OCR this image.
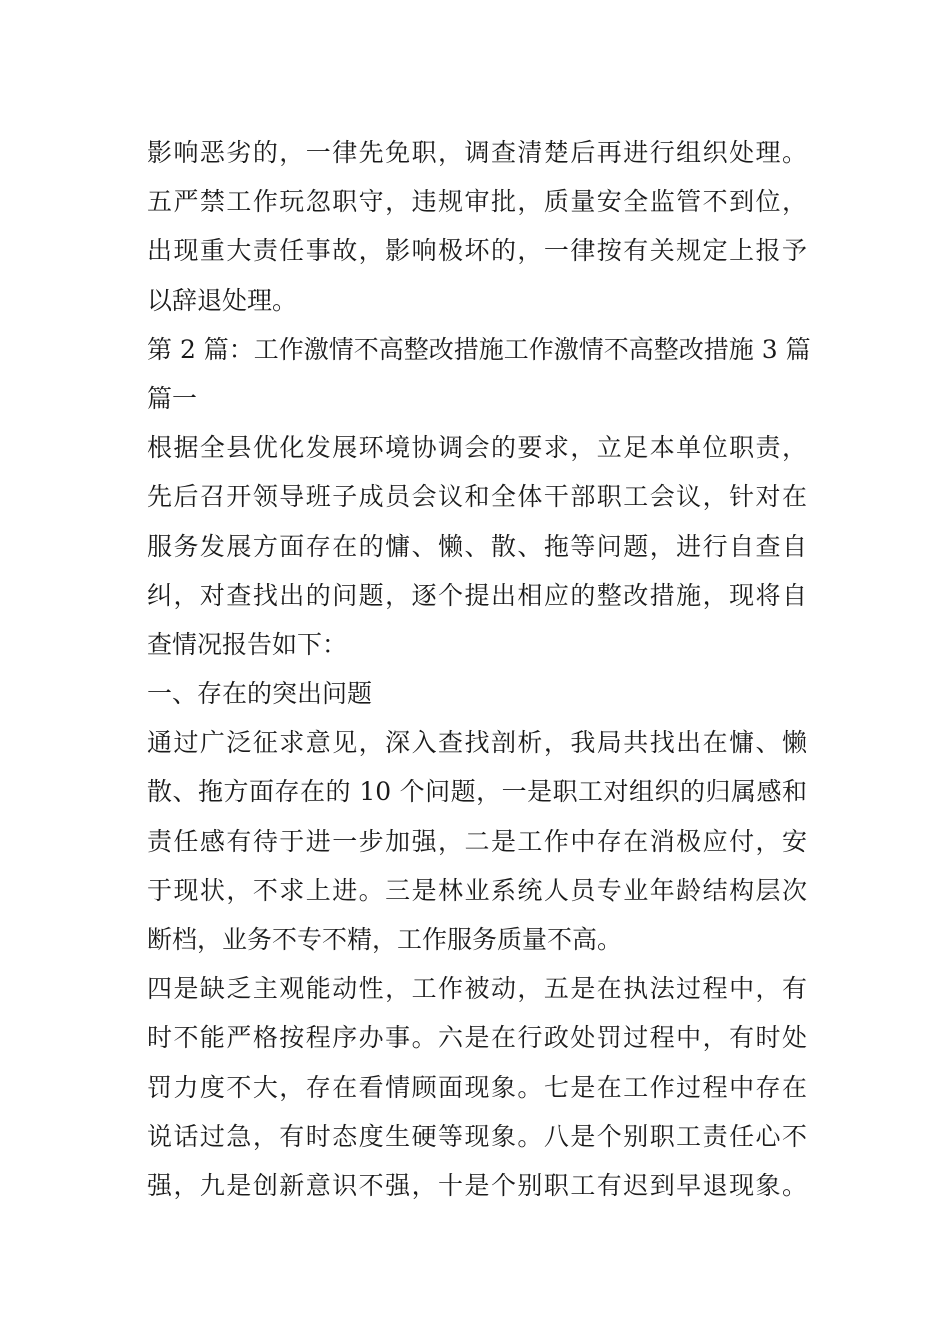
影响恶劣的，一律先免职，调查清楚后再进行组织处理。
五严禁工作玩忽职守，违规审批，质量安全监管不到位，
出现重大责任事故，影响极坏的，一律按有关规定上报予
以辞退处理。
第 2 篇：工作激情不高整改措施工作激情不高整改措施 3 篇
篇一
根据全县优化发展环境协调会的要求，立足本单位职责，
先后召开领导班子成员会议和全体干部职工会议，针对在
服务发展方面存在的慵、懒、散、拖等问题，进行自查自
纠，对查找出的问题，逐个提出相应的整改措施，现将自
查情况报告如下：
一、存在的突出问题
通过广泛征求意见，深入查找剖析，我局共找出在慵、懒
散、拖方面存在的 10 个问题，一是职工对组织的归属感和
责任感有待于进一步加强，二是工作中存在消极应付，安
于现状，不求上进。三是林业系统人员专业年龄结构层次
断档，业务不专不精，工作服务质量不高。
四是缺乏主观能动性，工作被动，五是在执法过程中，有
时不能严格按程序办事。六是在行政处罚过程中，有时处
罚力度不大，存在看情顾面现象。七是在工作过程中存在
说话过急，有时态度生硬等现象。八是个别职工责任心不
强，九是创新意识不强，十是个别职工有迟到早退现象。
